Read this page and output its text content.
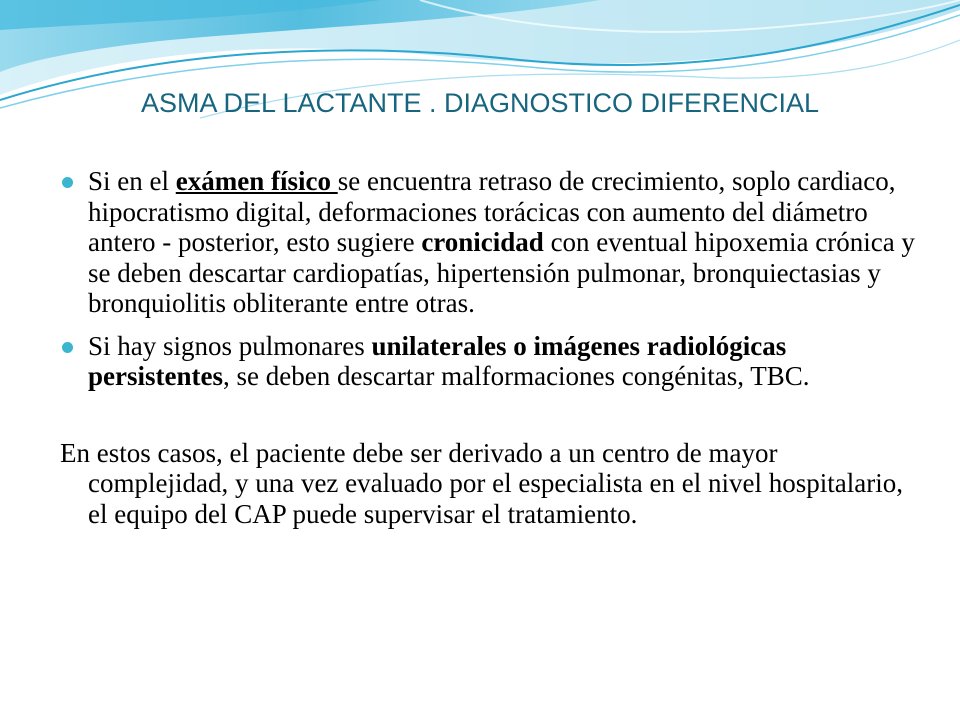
ASMA DEL LACTANTE . DIAGNOSTICO DIFERENCIAL
Si en el exámen físico se encuentra retraso de crecimiento, soplo cardiaco, hipocratismo digital, deformaciones torácicas con aumento del diámetro antero - posterior, esto sugiere cronicidad con eventual hipoxemia crónica y se deben descartar cardiopatías, hipertensión pulmonar, bronquiectasias y bronquiolitis obliterante entre otras.
Si hay signos pulmonares unilaterales o imágenes radiológicas persistentes, se deben descartar malformaciones congénitas, TBC.

En estos casos, el paciente debe ser derivado a un centro de mayor complejidad, y una vez evaluado por el especialista en el nivel hospitalario, el equipo del CAP puede supervisar el tratamiento.
